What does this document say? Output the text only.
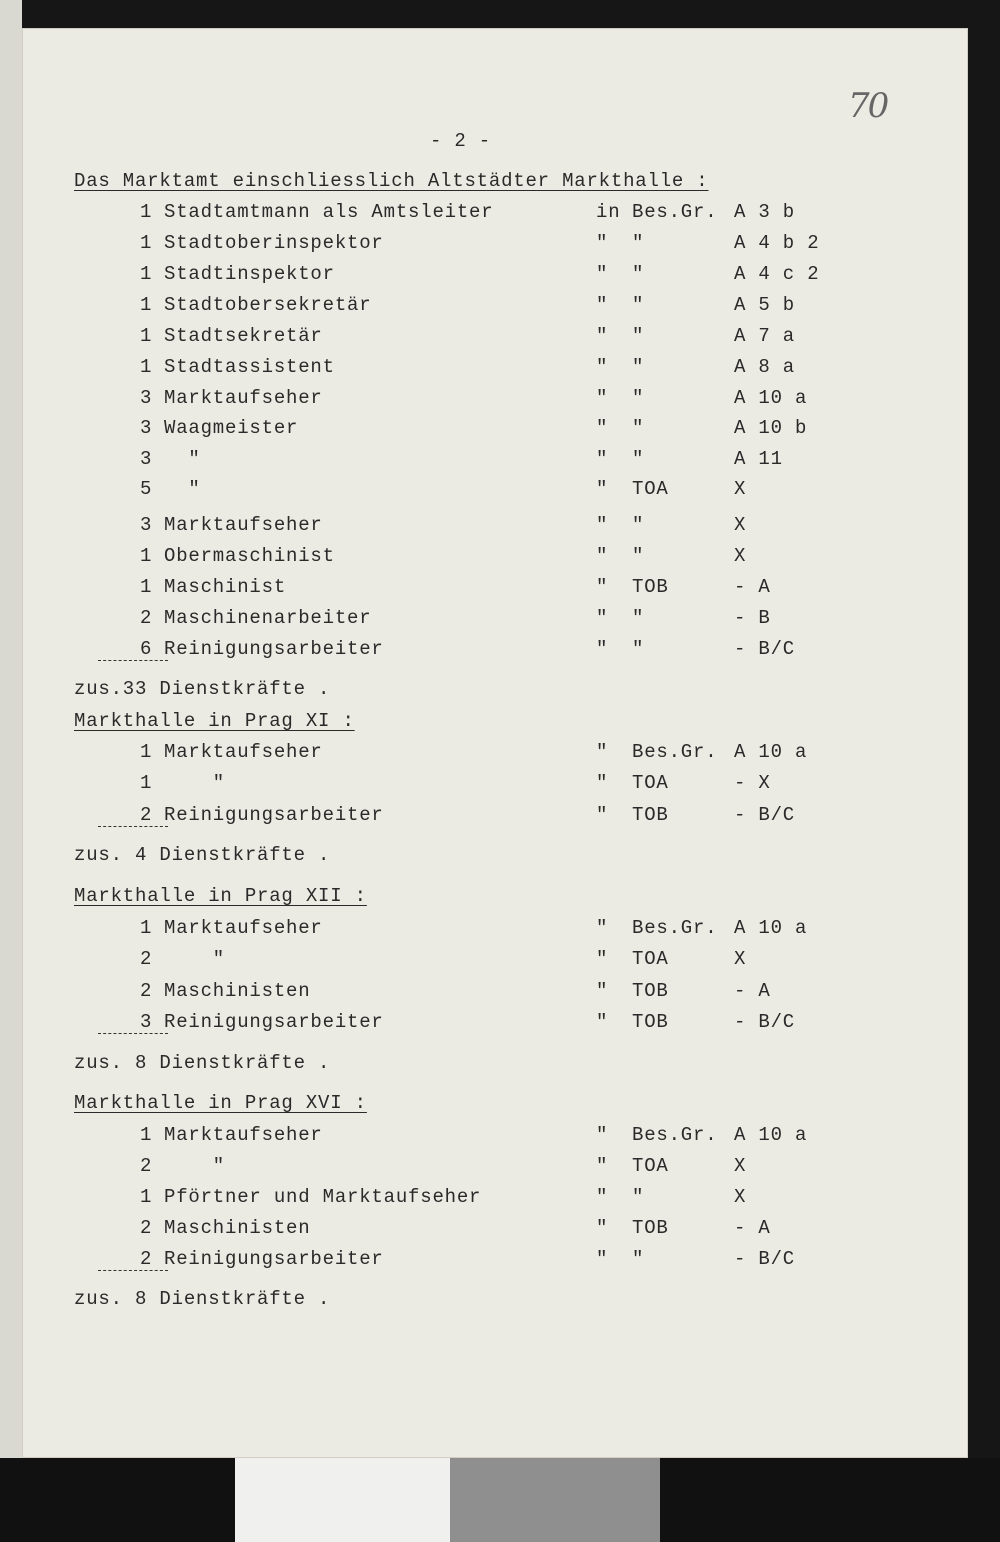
70
- 2 -
Das Marktamt einschliesslich Altstädter Markthalle :
1 Stadtamtmann als Amtsleiter	in Bes.Gr. A 3 b
1 Stadtoberinspektor	" "	A 4 b 2
1 Stadtinspektor	" "	A 4 c 2
1 Stadtobersekretär	" "	A 5 b
1 Stadtsekretär	" "	A 7 a
1 Stadtassistent	" "	A 8 a
3 Marktaufseher	" "	A 10 a
3 Waagmeister	" "	A 10 b
3 "	" "	A 11
5 "	" TOA	X
3 Marktaufseher	" "	X
1 Obermaschinist	" "	X
1 Maschinist	" TOB	- A
2 Maschinenarbeiter	" "	- B
6 Reinigungsarbeiter	" "	- B/C
zus.33 Dienstkräfte .
Markthalle in Prag XI :
1 Marktaufseher	" Bes.Gr. A 10 a
1 "	" TOA	- X
2 Reinigungsarbeiter	" TOB	- B/C
zus. 4 Dienstkräfte .
Markthalle in Prag XII :
1 Marktaufseher	" Bes.Gr. A 10 a
2 "	" TOA	X
2 Maschinisten	" TOB	- A
3 Reinigungsarbeiter	" TOB	- B/C
zus. 8 Dienstkräfte .
Markthalle in Prag XVI :
1 Marktaufseher	" Bes.Gr. A 10 a
2 "	" TOA	X
1 Pförtner und Marktaufseher	" "	X
2 Maschinisten	" TOB	- A
2 Reinigungsarbeiter	" "	- B/C
zus. 8 Dienstkräfte .
